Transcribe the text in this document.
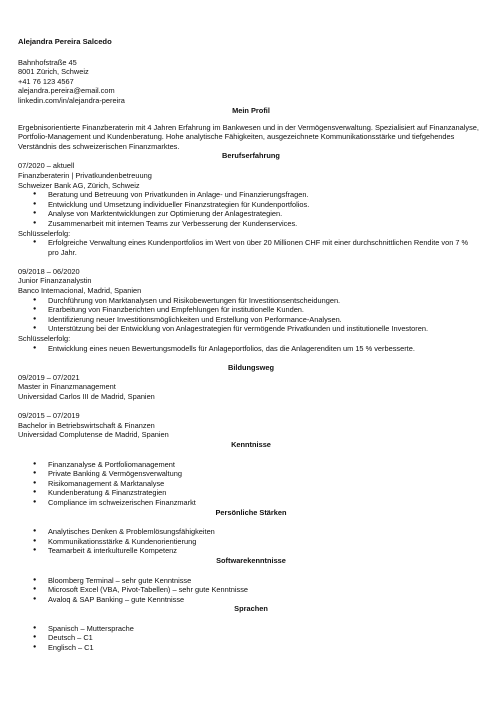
Alejandra Pereira Salcedo
Bahnhofstraße 45
8001 Zürich, Schweiz
+41 76 123 4567
alejandra.pereira@email.com
linkedin.com/in/alejandra-pereira
Mein Profil

Ergebnisorientierte Finanzberaterin mit 4 Jahren Erfahrung im Bankwesen und in der Vermögensverwaltung. Spezialisiert auf Finanzanalyse, Portfolio-Management und Kundenberatung. Hohe analytische Fähigkeiten, ausgezeichnete Kommunikationsstärke und tiefgehendes Verständnis des schweizerischen Finanzmarktes.

Berufserfahrung
07/2020 – aktuell
Finanzberaterin | Privatkundenbetreuung
Schweizer Bank AG, Zürich, Schweiz
● Beratung und Betreuung von Privatkunden in Anlage- und Finanzierungsfragen.
● Entwicklung und Umsetzung individueller Finanzstrategien für Kundenportfolios.
● Analyse von Marktentwicklungen zur Optimierung der Anlagestrategien.
● Zusammenarbeit mit internen Teams zur Verbesserung der Kundenservices.
Schlüsselerfolg:
● Erfolgreiche Verwaltung eines Kundenportfolios im Wert von über 20 Millionen CHF mit einer durchschnittlichen Rendite von 7 % pro Jahr.
09/2018 – 06/2020
Junior Finanzanalystin
Banco Internacional, Madrid, Spanien
● Durchführung von Marktanalysen und Risikobewertungen für Investitionsentscheidungen.
● Erarbeitung von Finanzberichten und Empfehlungen für institutionelle Kunden.
● Identifizierung neuer Investitionsmöglichkeiten und Erstellung von Performance-Analysen.
● Unterstützung bei der Entwicklung von Anlagestrategien für vermögende Privatkunden und institutionelle Investoren.
Schlüsselerfolg:
● Entwicklung eines neuen Bewertungsmodells für Anlageportfolios, das die Anlagerenditen um 15 % verbesserte.
Bildungsweg
09/2019 – 07/2021
Master in Finanzmanagement
Universidad Carlos III de Madrid, Spanien
09/2015 – 07/2019
Bachelor in Betriebswirtschaft & Finanzen
Universidad Complutense de Madrid, Spanien
Kenntnisse
● Finanzanalyse & Portfoliomanagement
● Private Banking & Vermögensverwaltung
● Risikomanagement & Marktanalyse
● Kundenberatung & Finanzstrategien
● Compliance im schweizerischen Finanzmarkt
Persönliche Stärken
● Analytisches Denken & Problemlösungsfähigkeiten
● Kommunikationsstärke & Kundenorientierung
● Teamarbeit & interkulturelle Kompetenz
Softwarekenntnisse
● Bloomberg Terminal – sehr gute Kenntnisse
● Microsoft Excel (VBA, Pivot-Tabellen) – sehr gute Kenntnisse
● Avaloq & SAP Banking – gute Kenntnisse
Sprachen
● Spanisch – Muttersprache
● Deutsch – C1
● Englisch – C1
